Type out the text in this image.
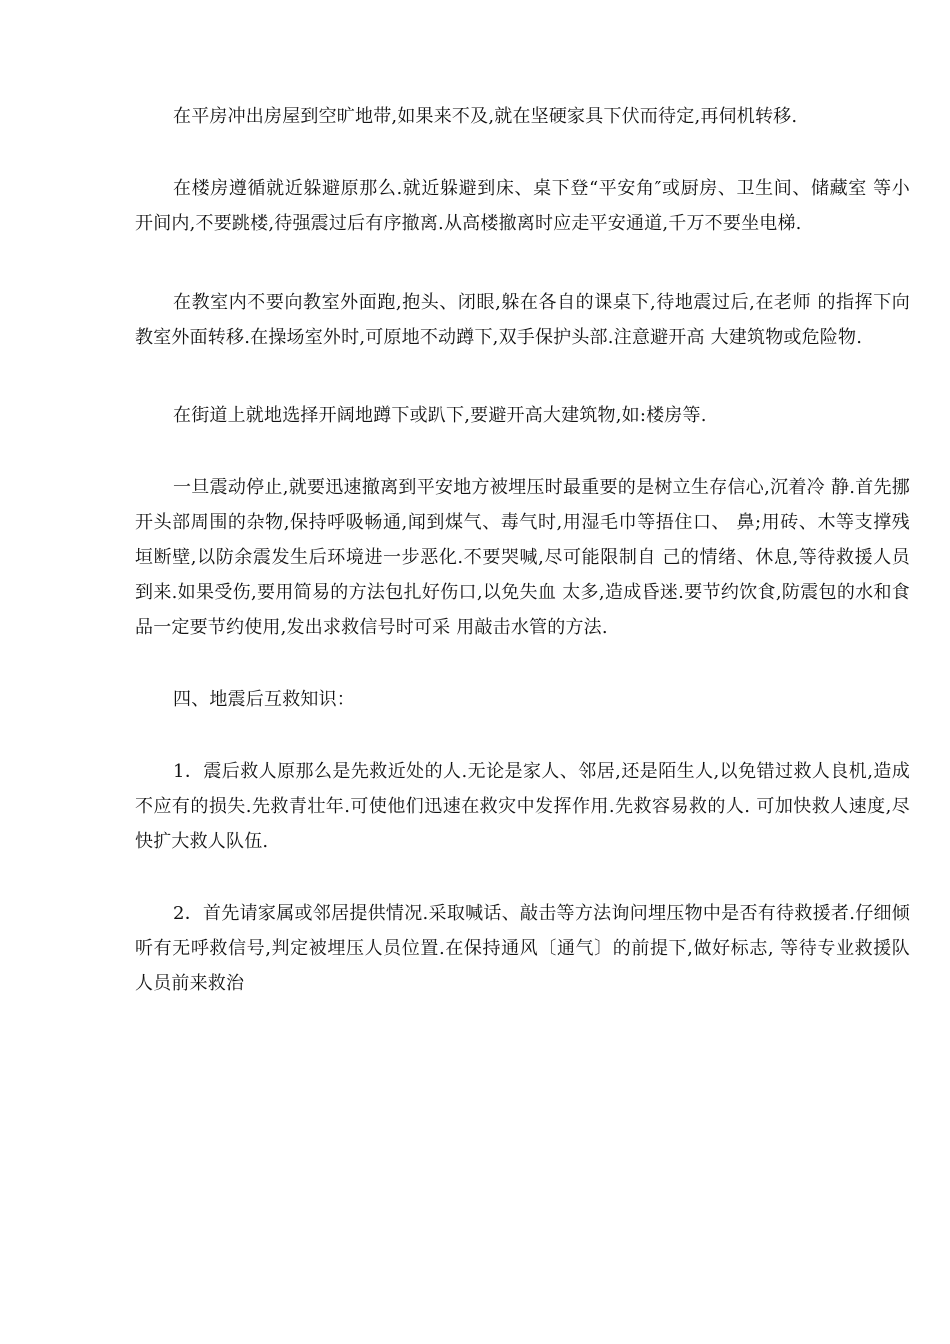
在平房冲出房屋到空旷地带,如果来不及,就在坚硬家具下伏而待定,再伺机转移.

在楼房遵循就近躲避原那么.就近躲避到床、桌下登“平安角″或厨房、卫生间、储藏室 等小开间内,不要跳楼,待强震过后有序撤离.从高楼撤离时应走平安通道,千万不要坐电梯.

在教室内不要向教室外面跑,抱头、闭眼,躲在各自的课桌下,待地震过后,在老师 的指挥下向教室外面转移.在操场室外时,可原地不动蹲下,双手保护头部.注意避开高 大建筑物或危险物.

在街道上就地选择开阔地蹲下或趴下,要避开高大建筑物,如:楼房等.

一旦震动停止,就要迅速撤离到平安地方被埋压时最重要的是树立生存信心,沉着冷 静.首先挪开头部周围的杂物,保持呼吸畅通,闻到煤气、毒气时,用湿毛巾等捂住口、 鼻;用砖、木等支撑残垣断壁,以防余震发生后环境进一步恶化.不要哭喊,尽可能限制自 己的情绪、休息,等待救援人员到来.如果受伤,要用简易的方法包扎好伤口,以免失血 太多,造成昏迷.要节约饮食,防震包的水和食品一定要节约使用,发出求救信号时可采 用敲击水管的方法.

四、地震后互救知识：

1．震后救人原那么是先救近处的人.无论是家人、邻居,还是陌生人,以免错过救人良机,造成不应有的损失.先救青壮年.可使他们迅速在救灾中发挥作用.先救容易救的人. 可加快救人速度,尽快扩大救人队伍.

2．首先请家属或邻居提供情况.采取喊话、敲击等方法询问埋压物中是否有待救援者.仔细倾听有无呼救信号,判定被埋压人员位置.在保持通风〔通气〕的前提下,做好标志, 等待专业救援队人员前来救治
